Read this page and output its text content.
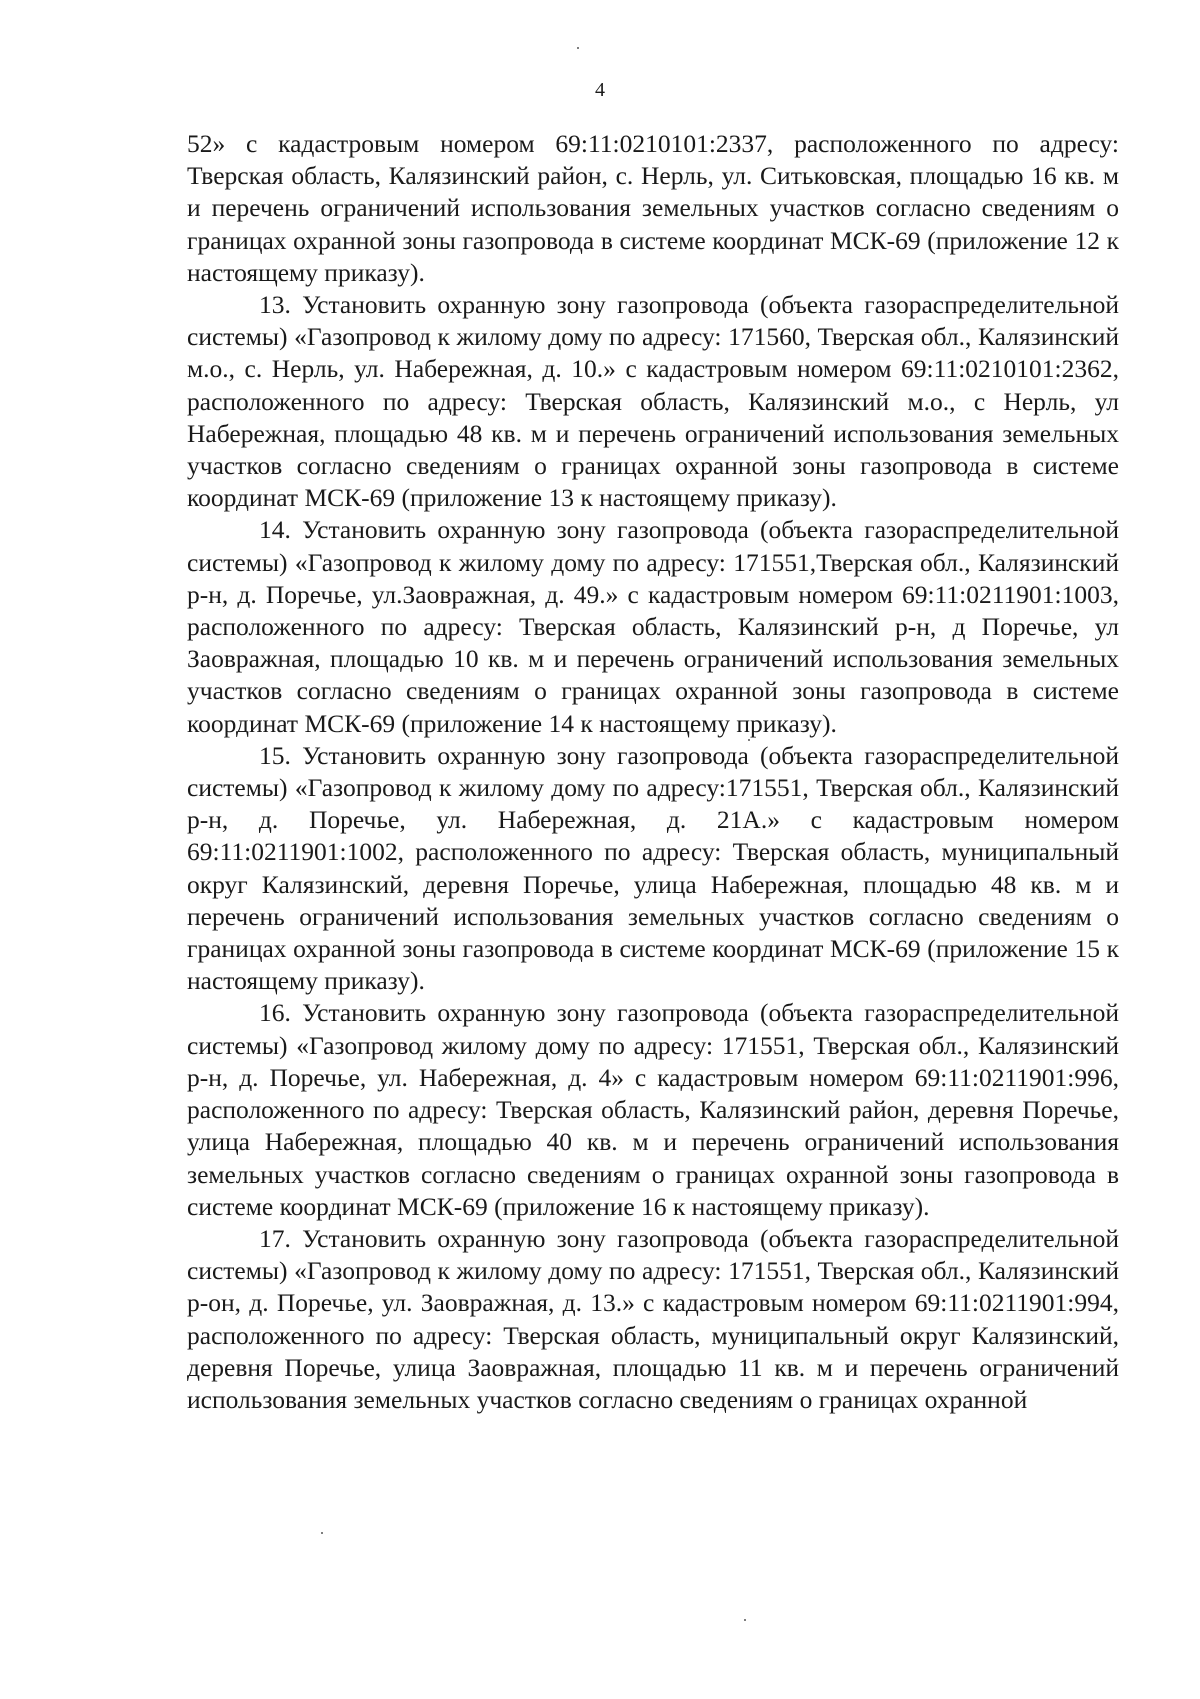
4

52» с кадастровым номером 69:11:0210101:2337, расположенного по адресу: Тверская область, Калязинский район, с. Нерль, ул. Ситьковская, площадью 16 кв. м и перечень ограничений использования земельных участков согласно сведениям о границах охранной зоны газопровода в системе координат МСК-69 (приложение 12 к настоящему приказу).

13. Установить охранную зону газопровода (объекта газораспределительной системы) «Газопровод к жилому дому по адресу: 171560, Тверская обл., Калязинский м.о., с. Нерль, ул. Набережная, д. 10.» с кадастровым номером 69:11:0210101:2362, расположенного по адресу: Тверская область, Калязинский м.о., с Нерль, ул Набережная, площадью 48 кв. м и перечень ограничений использования земельных участков согласно сведениям о границах охранной зоны газопровода в системе координат МСК-69 (приложение 13 к настоящему приказу).

14. Установить охранную зону газопровода (объекта газораспределительной системы) «Газопровод к жилому дому по адресу: 171551,Тверская обл., Калязинский р-н, д. Поречье, ул.Заовражная, д. 49.» с кадастровым номером 69:11:0211901:1003, расположенного по адресу: Тверская область, Калязинский р-н, д Поречье, ул Заовражная, площадью 10 кв. м и перечень ограничений использования земельных участков согласно сведениям о границах охранной зоны газопровода в системе координат МСК-69 (приложение 14 к настоящему приказу).

15. Установить охранную зону газопровода (объекта газораспределительной системы) «Газопровод к жилому дому по адресу:171551, Тверская обл., Калязинский р-н, д. Поречье, ул. Набережная, д. 21А.» с кадастровым номером 69:11:0211901:1002, расположенного по адресу: Тверская область, муниципальный округ Калязинский, деревня Поречье, улица Набережная, площадью 48 кв. м и перечень ограничений использования земельных участков согласно сведениям о границах охранной зоны газопровода в системе координат МСК-69 (приложение 15 к настоящему приказу).

16. Установить охранную зону газопровода (объекта газораспределительной системы) «Газопровод жилому дому по адресу: 171551, Тверская обл., Калязинский р-н, д. Поречье, ул. Набережная, д. 4» с кадастровым номером 69:11:0211901:996, расположенного по адресу: Тверская область, Калязинский район, деревня Поречье, улица Набережная, площадью 40 кв. м и перечень ограничений использования земельных участков согласно сведениям о границах охранной зоны газопровода в системе координат МСК-69 (приложение 16 к настоящему приказу).

17. Установить охранную зону газопровода (объекта газораспределительной системы) «Газопровод к жилому дому по адресу: 171551, Тверская обл., Калязинский р-он, д. Поречье, ул. Заовражная, д. 13.» с кадастровым номером 69:11:0211901:994, расположенного по адресу: Тверская область, муниципальный округ Калязинский, деревня Поречье, улица Заовражная, площадью 11 кв. м и перечень ограничений использования земельных участков согласно сведениям о границах охранной
